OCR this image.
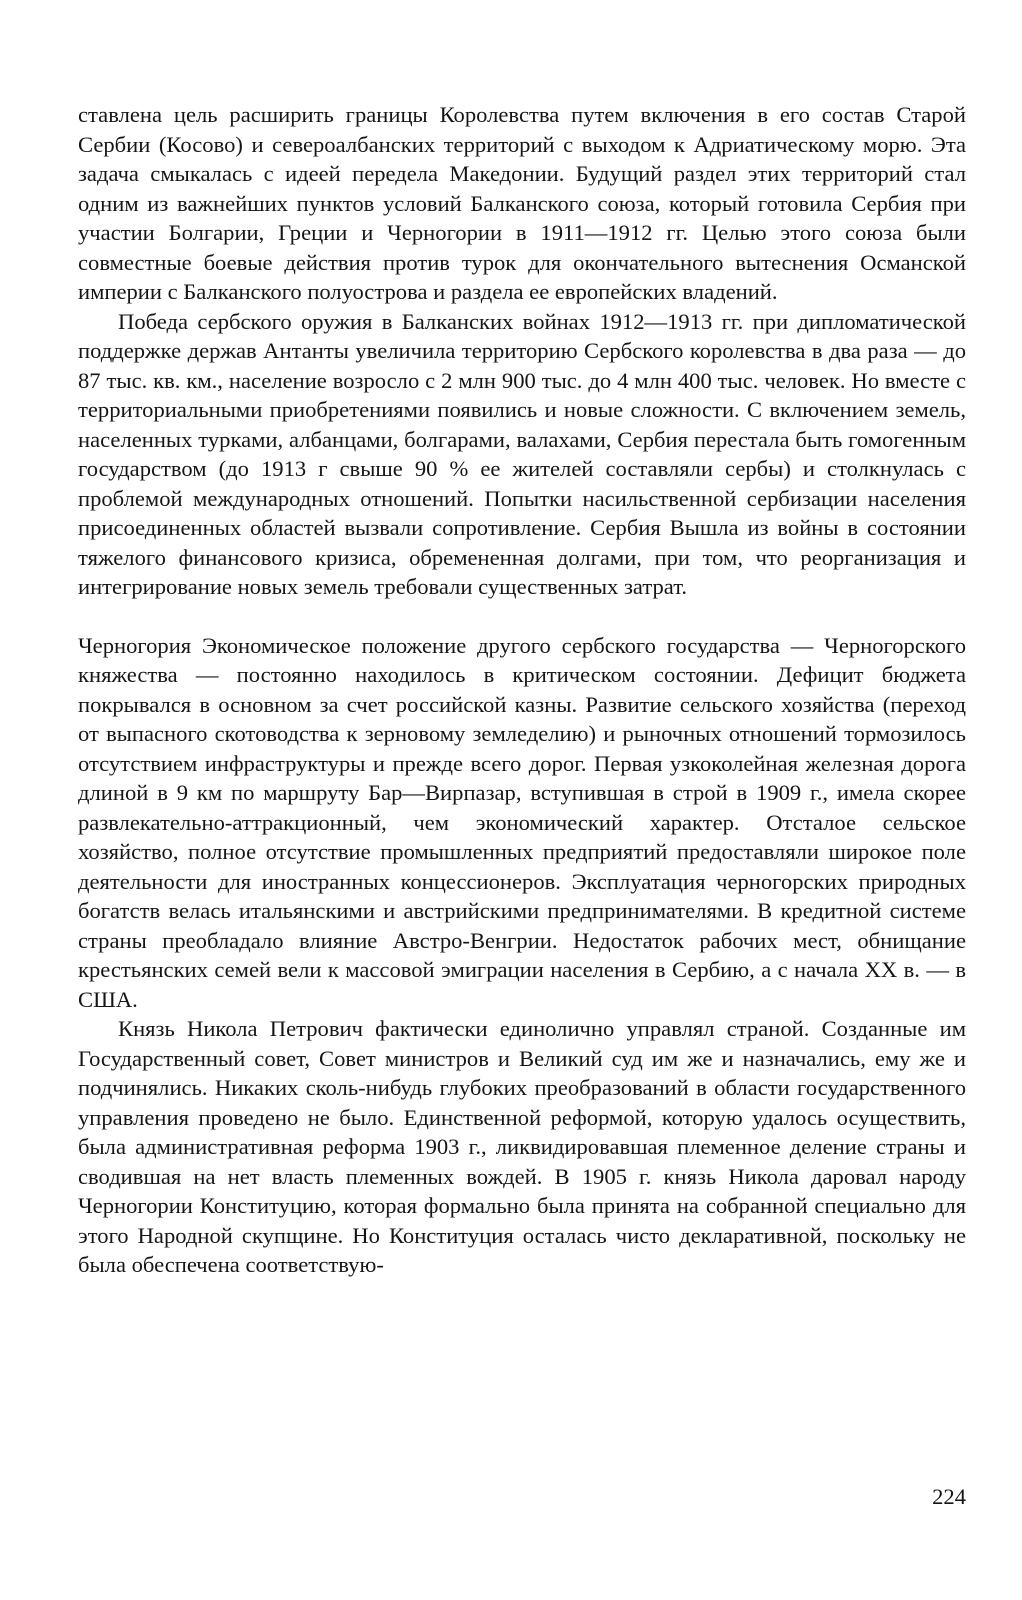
ставлена цель расширить границы Королевства путем включения в его состав Старой Сербии (Косово) и североалбанских территорий с выходом к Адриатическому морю. Эта задача смыкалась с идеей передела Македонии. Будущий раздел этих территорий стал одним из важнейших пунктов условий Балканского союза, который готовила Сербия при участии Болгарии, Греции и Черногории в 1911—1912 гг. Целью этого союза были совместные боевые действия против турок для окончательного вытеснения Османской империи с Балканского полуострова и раздела ее европейских владений.

Победа сербского оружия в Балканских войнах 1912—1913 гг. при дипломатической поддержке держав Антанты увеличила территорию Сербского королевства в два раза — до 87 тыс. кв. км., население возросло с 2 млн 900 тыс. до 4 млн 400 тыс. человек. Но вместе с территориальными приобретениями появились и новые сложности. С включением земель, населенных турками, албанцами, болгарами, валахами, Сербия перестала быть гомогенным государством (до 1913 г свыше 90 % ее жителей составляли сербы) и столкнулась с проблемой международных отношений. Попытки насильственной сербизации населения присоединенных областей вызвали сопротивление. Сербия Вышла из войны в состоянии тяжелого финансового кризиса, обремененная долгами, при том, что реорганизация и интегрирование новых земель требовали существенных затрат.

Черногория Экономическое положение другого сербского государства — Черногорского княжества — постоянно находилось в критическом состоянии. Дефицит бюджета покрывался в основном за счет российской казны. Развитие сельского хозяйства (переход от выпасного скотоводства к зерновому земледелию) и рыночных отношений тормозилось отсутствием инфраструктуры и прежде всего дорог. Первая узкоколейная железная дорога длиной в 9 км по маршруту Бар—Вирпазар, вступившая в строй в 1909 г., имела скорее развлекательно-аттракционный, чем экономический характер. Отсталое сельское хозяйство, полное отсутствие промышленных предприятий предоставляли широкое поле деятельности для иностранных концессионеров. Эксплуатация черногорских природных богатств велась итальянскими и австрийскими предпринимателями. В кредитной системе страны преобладало влияние Австро-Венгрии. Недостаток рабочих мест, обнищание крестьянских семей вели к массовой эмиграции населения в Сербию, а с начала XX в. — в США.

Князь Никола Петрович фактически единолично управлял страной. Созданные им Государственный совет, Совет министров и Великий суд им же и назначались, ему же и подчинялись. Никаких сколь-нибудь глубоких преобразований в области государственного управления проведено не было. Единственной реформой, которую удалось осуществить, была административная реформа 1903 г., ликвидировавшая племенное деление страны и сводившая на нет власть племенных вождей. В 1905 г. князь Никола даровал народу Черногории Конституцию, которая формально была принята на собранной специально для этого Народной скупщине. Но Конституция осталась чисто декларативной, поскольку не была обеспечена соответствую-

224
